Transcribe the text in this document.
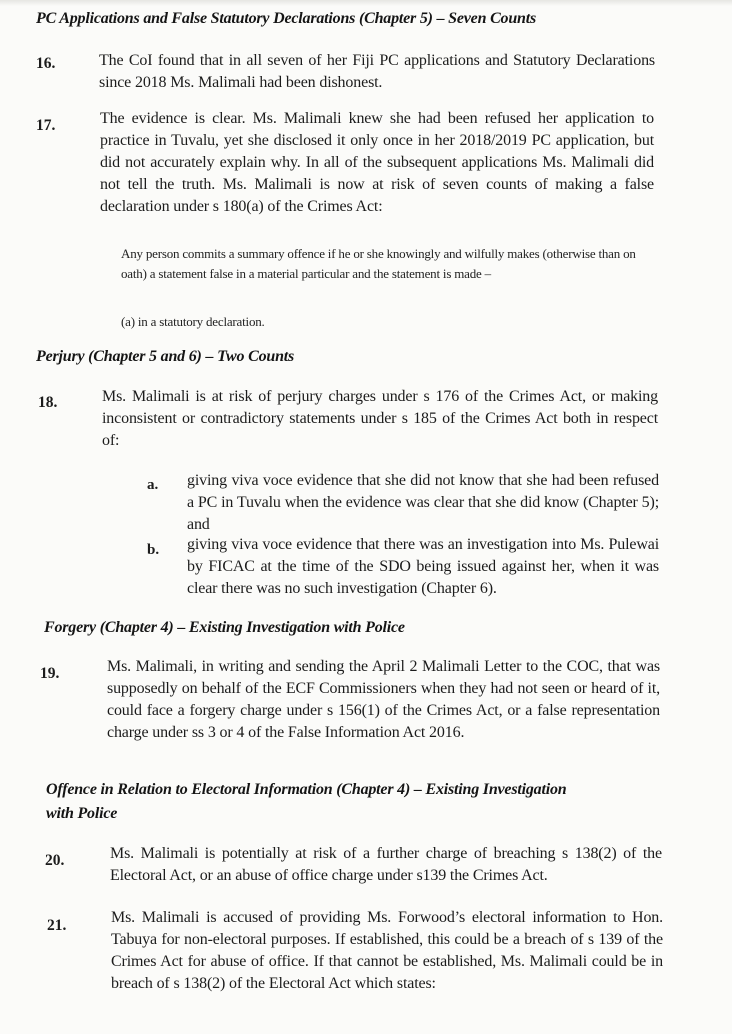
PC Applications and False Statutory Declarations (Chapter 5) – Seven Counts
16.	The CoI found that in all seven of her Fiji PC applications and Statutory Declarations since 2018 Ms. Malimali had been dishonest.
17.	The evidence is clear. Ms. Malimali knew she had been refused her application to practice in Tuvalu, yet she disclosed it only once in her 2018/2019 PC application, but did not accurately explain why. In all of the subsequent applications Ms. Malimali did not tell the truth. Ms. Malimali is now at risk of seven counts of making a false declaration under s 180(a) of the Crimes Act:
Any person commits a summary offence if he or she knowingly and wilfully makes (otherwise than on oath) a statement false in a material particular and the statement is made –
(a) in a statutory declaration.
Perjury (Chapter 5 and 6) – Two Counts
18.	Ms. Malimali is at risk of perjury charges under s 176 of the Crimes Act, or making inconsistent or contradictory statements under s 185 of the Crimes Act both in respect of:
a. giving viva voce evidence that she did not know that she had been refused a PC in Tuvalu when the evidence was clear that she did know (Chapter 5); and
b. giving viva voce evidence that there was an investigation into Ms. Pulewai by FICAC at the time of the SDO being issued against her, when it was clear there was no such investigation (Chapter 6).
Forgery (Chapter 4) – Existing Investigation with Police
19.	Ms. Malimali, in writing and sending the April 2 Malimali Letter to the COC, that was supposedly on behalf of the ECF Commissioners when they had not seen or heard of it, could face a forgery charge under s 156(1) of the Crimes Act, or a false representation charge under ss 3 or 4 of the False Information Act 2016.
Offence in Relation to Electoral Information (Chapter 4) – Existing Investigation
with Police
20.	Ms. Malimali is potentially at risk of a further charge of breaching s 138(2) of the Electoral Act, or an abuse of office charge under s139 the Crimes Act.
21.	Ms. Malimali is accused of providing Ms. Forwood’s electoral information to Hon. Tabuya for non-electoral purposes. If established, this could be a breach of s 139 of the Crimes Act for abuse of office. If that cannot be established, Ms. Malimali could be in breach of s 138(2) of the Electoral Act which states:
